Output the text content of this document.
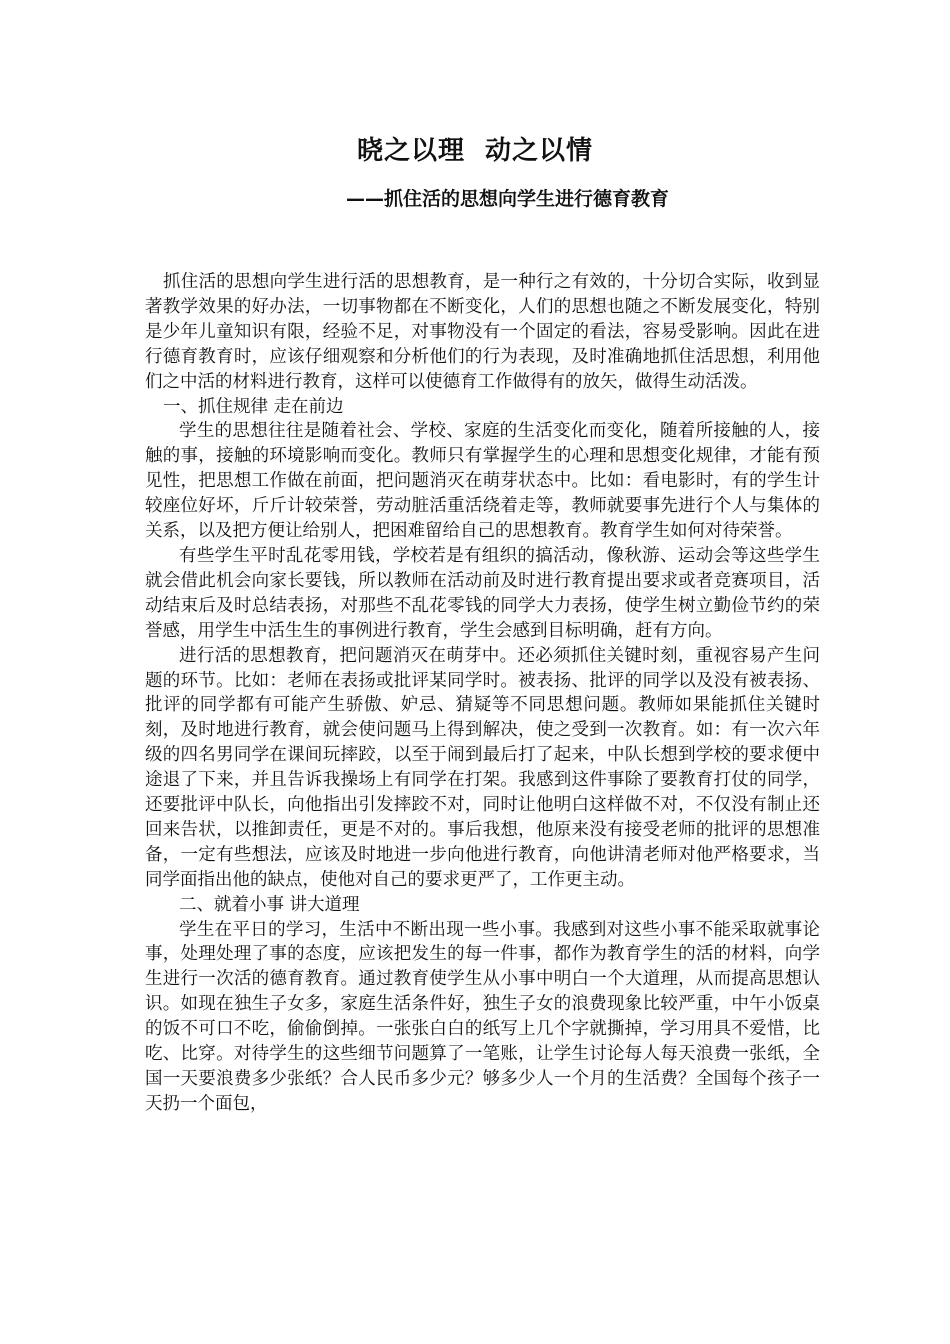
晓之以理  动之以情
——抓住活的思想向学生进行德育教育

抓住活的思想向学生进行活的思想教育，是一种行之有效的，十分切合实际，收到显著教学效果的好办法，一切事物都在不断变化，人们的思想也随之不断发展变化，特别是少年儿童知识有限，经验不足，对事物没有一个固定的看法，容易受影响。因此在进行德育教育时，应该仔细观察和分析他们的行为表现，及时准确地抓住活思想，利用他们之中活的材料进行教育，这样可以使德育工作做得有的放矢，做得生动活泼。

一、抓住规律 走在前边

学生的思想往往是随着社会、学校、家庭的生活变化而变化，随着所接触的人，接触的事，接触的环境影响而变化。教师只有掌握学生的心理和思想变化规律，才能有预见性，把思想工作做在前面，把问题消灭在萌芽状态中。比如：看电影时，有的学生计较座位好坏，斤斤计较荣誉，劳动脏活重活绕着走等，教师就要事先进行个人与集体的关系，以及把方便让给别人，把困难留给自己的思想教育。教育学生如何对待荣誉。

有些学生平时乱花零用钱，学校若是有组织的搞活动，像秋游、运动会等这些学生就会借此机会向家长要钱，所以教师在活动前及时进行教育提出要求或者竞赛项目，活动结束后及时总结表扬，对那些不乱花零钱的同学大力表扬，使学生树立勤俭节约的荣誉感，用学生中活生生的事例进行教育，学生会感到目标明确，赶有方向。

进行活的思想教育，把问题消灭在萌芽中。还必须抓住关键时刻，重视容易产生问题的环节。比如：老师在表扬或批评某同学时。被表扬、批评的同学以及没有被表扬、批评的同学都有可能产生骄傲、妒忌、猜疑等不同思想问题。教师如果能抓住关键时刻，及时地进行教育，就会使问题马上得到解决，使之受到一次教育。如：有一次六年级的四名男同学在课间玩摔跤，以至于闹到最后打了起来，中队长想到学校的要求便中途退了下来，并且告诉我操场上有同学在打架。我感到这件事除了要教育打仗的同学，还要批评中队长，向他指出引发摔跤不对，同时让他明白这样做不对，不仅没有制止还回来告状，以推卸责任，更是不对的。事后我想，他原来没有接受老师的批评的思想准备，一定有些想法，应该及时地进一步向他进行教育，向他讲清老师对他严格要求，当同学面指出他的缺点，使他对自己的要求更严了，工作更主动。

二、就着小事 讲大道理

学生在平日的学习，生活中不断出现一些小事。我感到对这些小事不能采取就事论事，处理处理了事的态度，应该把发生的每一件事，都作为教育学生的活的材料，向学生进行一次活的德育教育。通过教育使学生从小事中明白一个大道理，从而提高思想认识。如现在独生子女多，家庭生活条件好，独生子女的浪费现象比较严重，中午小饭桌的饭不可口不吃，偷偷倒掉。一张张白白的纸写上几个字就撕掉，学习用具不爱惜，比吃、比穿。对待学生的这些细节问题算了一笔账，让学生讨论每人每天浪费一张纸，全国一天要浪费多少张纸？合人民币多少元？够多少人一个月的生活费？全国每个孩子一天扔一个面包，
